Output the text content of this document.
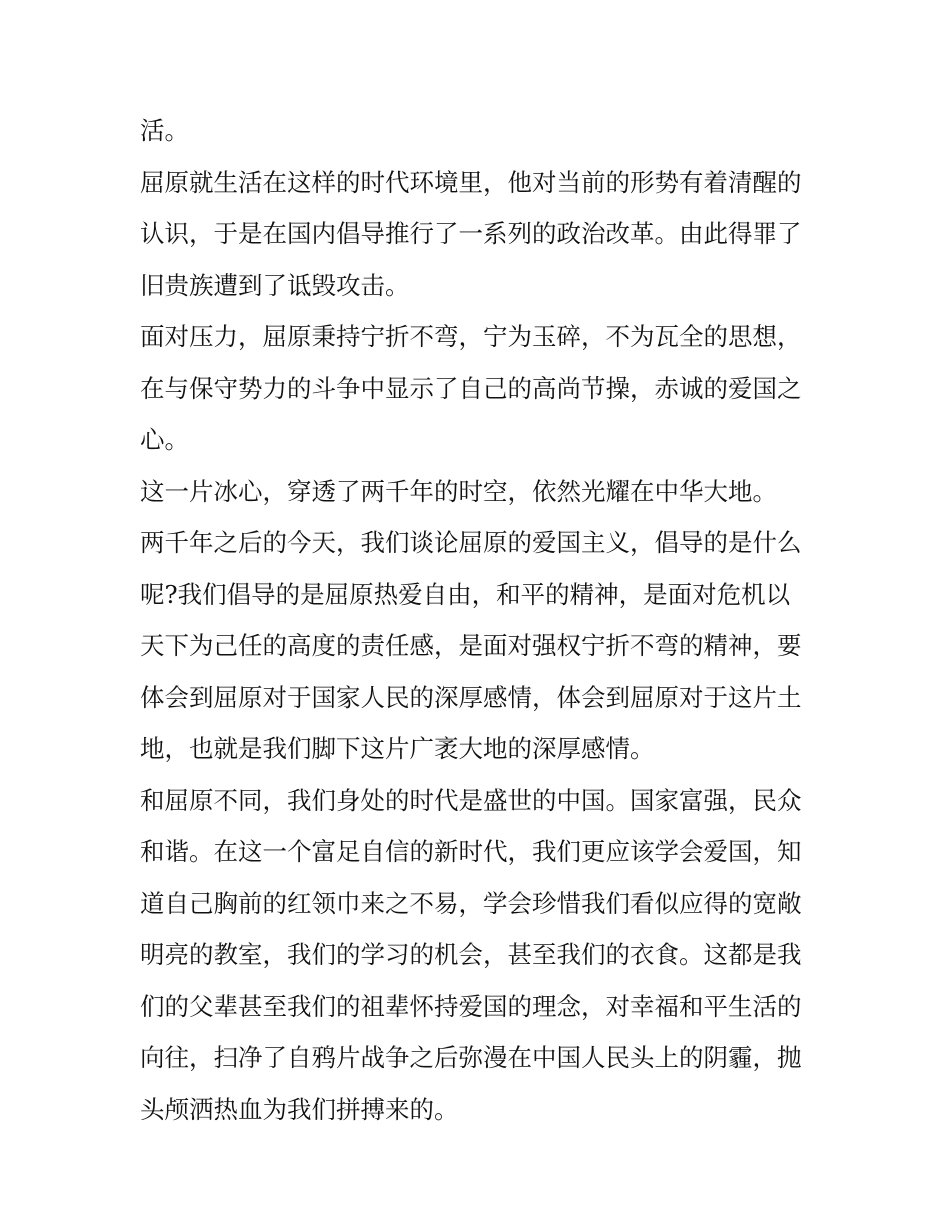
活。
屈原就生活在这样的时代环境里，他对当前的形势有着清醒的
认识，于是在国内倡导推行了一系列的政治改革。由此得罪了
旧贵族遭到了诋毁攻击。
面对压力，屈原秉持宁折不弯，宁为玉碎，不为瓦全的思想，
在与保守势力的斗争中显示了自己的高尚节操，赤诚的爱国之
心。
这一片冰心，穿透了两千年的时空，依然光耀在中华大地。
两千年之后的今天，我们谈论屈原的爱国主义，倡导的是什么
呢?我们倡导的是屈原热爱自由，和平的精神，是面对危机以
天下为己任的高度的责任感，是面对强权宁折不弯的精神，要
体会到屈原对于国家人民的深厚感情，体会到屈原对于这片土
地，也就是我们脚下这片广袤大地的深厚感情。
和屈原不同，我们身处的时代是盛世的中国。国家富强，民众
和谐。在这一个富足自信的新时代，我们更应该学会爱国，知
道自己胸前的红领巾来之不易，学会珍惜我们看似应得的宽敞
明亮的教室，我们的学习的机会，甚至我们的衣食。这都是我
们的父辈甚至我们的祖辈怀持爱国的理念，对幸福和平生活的
向往，扫净了自鸦片战争之后弥漫在中国人民头上的阴霾，抛
头颅洒热血为我们拼搏来的。
